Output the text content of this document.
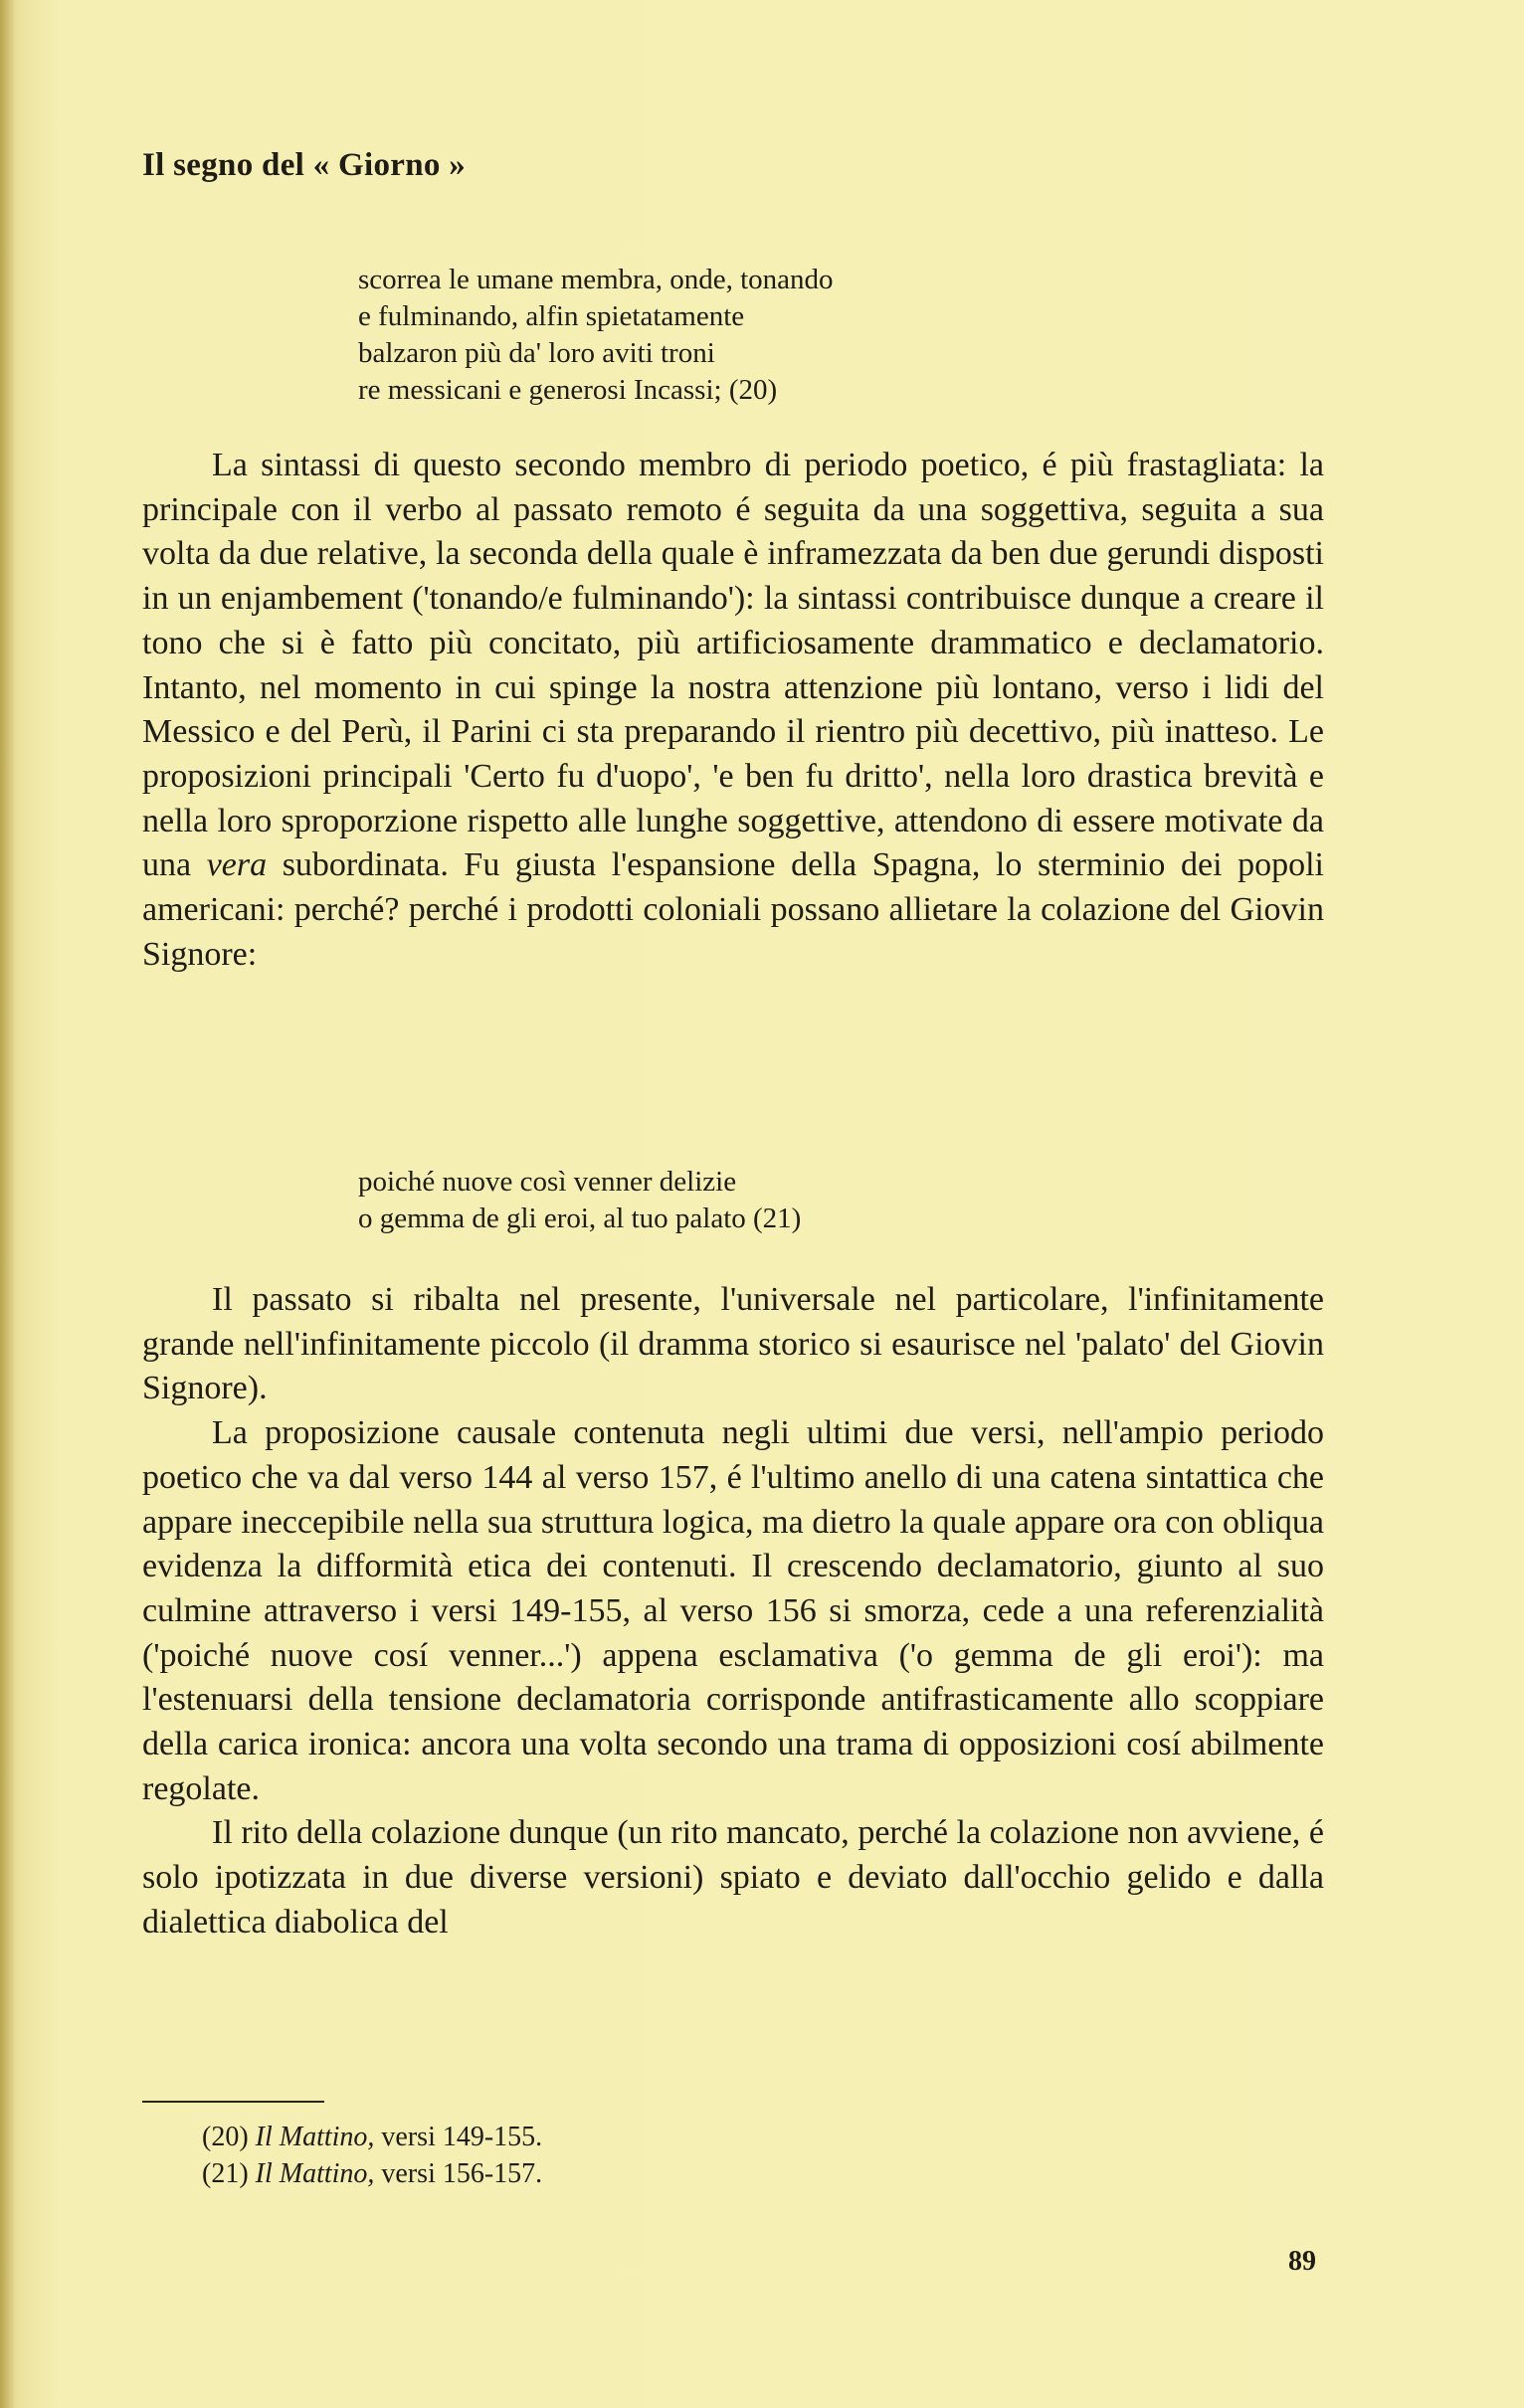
Il segno del « Giorno »
scorrea le umane membra, onde, tonando
e fulminando, alfin spietatamente
balzaron più da' loro aviti troni
re messicani e generosi Incassi; (20)

La sintassi di questo secondo membro di periodo poetico, é più frastagliata: la principale con il verbo al passato remoto é seguita da una soggettiva, seguita a sua volta da due relative, la seconda della quale è inframezzata da ben due gerundi disposti in un enjambement ('tonando/e fulminando'): la sintassi contribuisce dunque a creare il tono che si è fatto più concitato, più artificiosamente drammatico e declamatorio. Intanto, nel momento in cui spinge la nostra attenzione più lontano, verso i lidi del Messico e del Perù, il Parini ci sta preparando il rientro più decettivo, più inatteso. Le proposizioni principali 'Certo fu d'uopo', 'e ben fu dritto', nella loro drastica brevità e nella loro sproporzione rispetto alle lunghe soggettive, attendono di essere motivate da una vera subordinata. Fu giusta l'espansione della Spagna, lo sterminio dei popoli americani: perché? perché i prodotti coloniali possano allietare la colazione del Giovin Signore:

poiché nuove così venner delizie
o gemma de gli eroi, al tuo palato (21)

Il passato si ribalta nel presente, l'universale nel particolare, l'infinitamente grande nell'infinitamente piccolo (il dramma storico si esaurisce nel 'palato' del Giovin Signore).

La proposizione causale contenuta negli ultimi due versi, nell'ampio periodo poetico che va dal verso 144 al verso 157, é l'ultimo anello di una catena sintattica che appare ineccepibile nella sua struttura logica, ma dietro la quale appare ora con obliqua evidenza la difformità etica dei contenuti. Il crescendo declamatorio, giunto al suo culmine attraverso i versi 149-155, al verso 156 si smorza, cede a una referenzialità ('poiché nuove cosí venner...') appena esclamativa ('o gemma de gli eroi'): ma l'estenuarsi della tensione declamatoria corrisponde antifrasticamente allo scoppiare della carica ironica: ancora una volta secondo una trama di opposizioni cosí abilmente regolate.

Il rito della colazione dunque (un rito mancato, perché la colazione non avviene, é solo ipotizzata in due diverse versioni) spiato e deviato dall'occhio gelido e dalla dialettica diabolica del

(20) Il Mattino, versi 149-155.
(21) Il Mattino, versi 156-157.
89
